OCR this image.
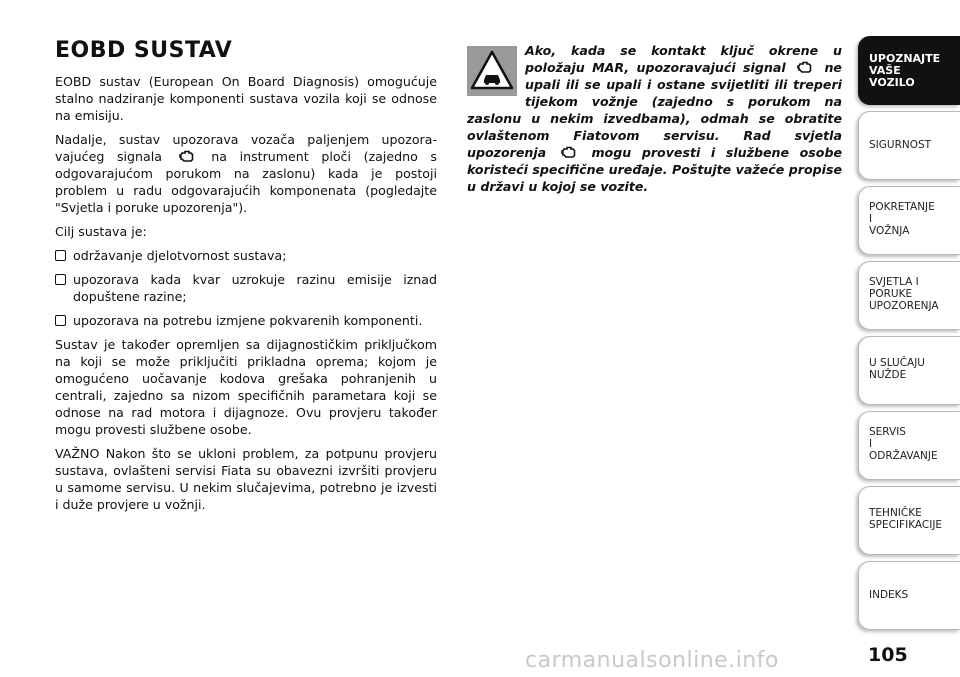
EOBD SUSTAV

EOBD sustav (European On Board Diagnosis) omogućuje stalno nadziranje komponenti sustava vozila koji se odnose na emisiju.

Nadalje, sustav upozorava vozača paljenjem upozora-vajućeg signala	na instrument ploči (zajedno s odgovarajućom porukom na zaslonu) kada je postoji problem u radu odgovarajućih komponenata (pogledajte "Svjetla i poruke upozorenja").

Cilj sustava je:

održavanje djelotvornost sustava;
upozorava kada kvar uzrokuje razinu emisije iznad dopuštene razine;
upozorava na potrebu izmjene pokvarenih komponenti.

Sustav je također opremljen sa dijagnostičkim priključkom na koji se može priključiti prikladna oprema; kojom je omogućeno uočavanje kodova grešaka pohranjenih u centrali, zajedno sa nizom specifičnih parametara koji se odnose na rad motora i dijagnoze. Ovu provjeru također mogu provesti službene osobe.

VAŽNO Nakon što se ukloni problem, za potpunu provjeru sustava, ovlašteni servisi Fiata su obavezni izvršiti provjeru u samome servisu. U nekim slučajevima, potrebno je izvesti i duže provjere u vožnji.

Ako, kada se kontakt ključ okrene u položaju MAR, upozoravajući signal	ne upali ili se upali i ostane svijetliti ili treperi tijekom vožnje (zajedno s porukom na zaslonu u nekim izvedbama), odmah se obratite ovlaštenom Fiatovom servisu. Rad svjetla upozorenja	mogu provesti i službene osobe koristeći specifične uređaje. Poštujte važeće propise u državi u kojoj se vozite.
UPOZNAJTE
VAŠE
VOZILO
SIGURNOST
POKRETANJE
I
VOŽNJA
SVJETLA I
PORUKE
UPOZORENJA
U SLUČAJU
NUŽDE
SERVIS
I
ODRŽAVANJE
TEHNIČKE
SPECIFIKACIJE
INDEKS
105
carmanualsonline.info
